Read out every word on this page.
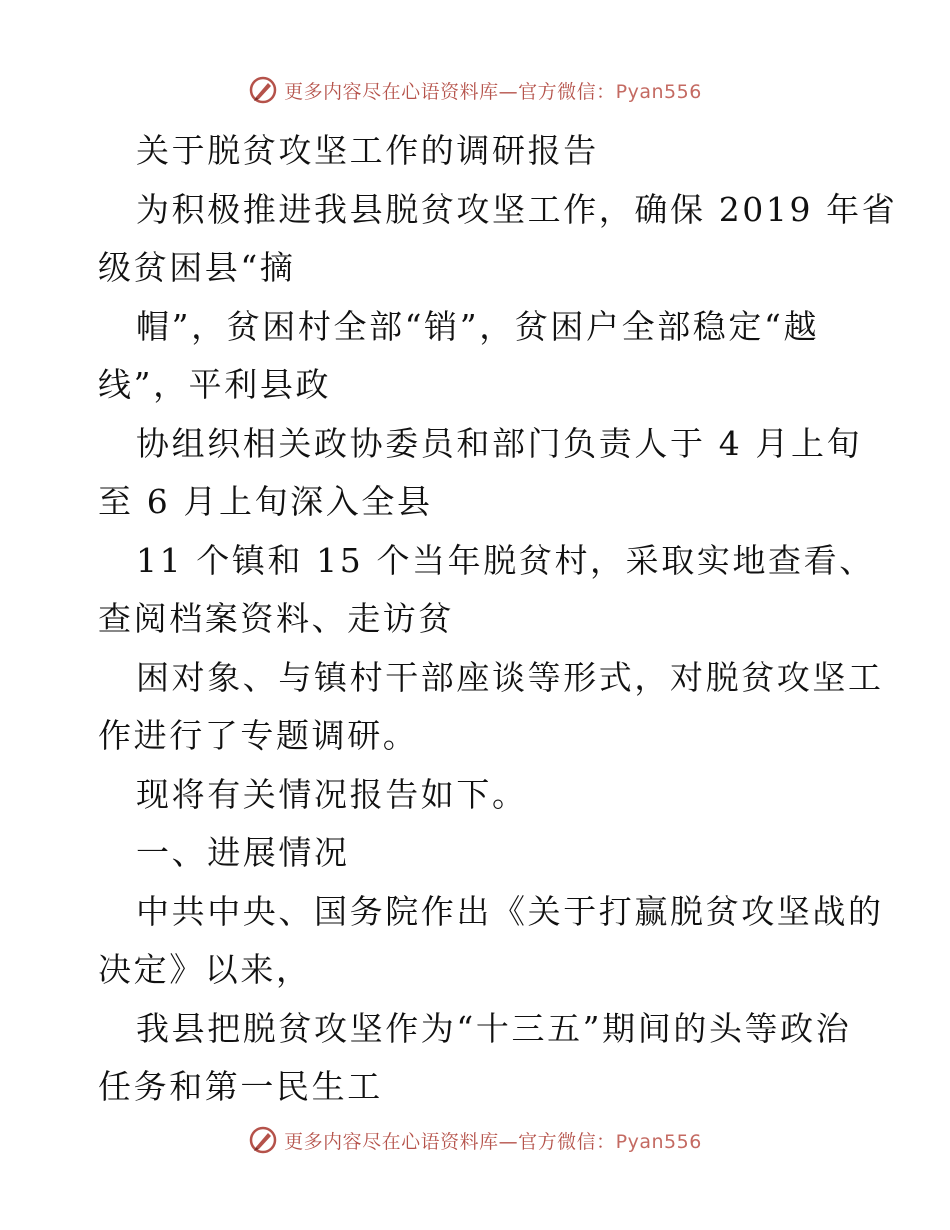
更多内容尽在心语资料库—官方微信：Pyan556
关于脱贫攻坚工作的调研报告
为积极推进我县脱贫攻坚工作，确保 2019 年省
级贫困县“摘
帽”，贫困村全部“销”，贫困户全部稳定“越
线”，平利县政
协组织相关政协委员和部门负责人于 4 月上旬
至 6 月上旬深入全县
11 个镇和 15 个当年脱贫村，采取实地查看、
查阅档案资料、走访贫
困对象、与镇村干部座谈等形式，对脱贫攻坚工
作进行了专题调研。
现将有关情况报告如下。
一、进展情况
中共中央、国务院作出《关于打赢脱贫攻坚战的
决定》以来，
我县把脱贫攻坚作为“十三五”期间的头等政治
任务和第一民生工
更多内容尽在心语资料库—官方微信：Pyan556
